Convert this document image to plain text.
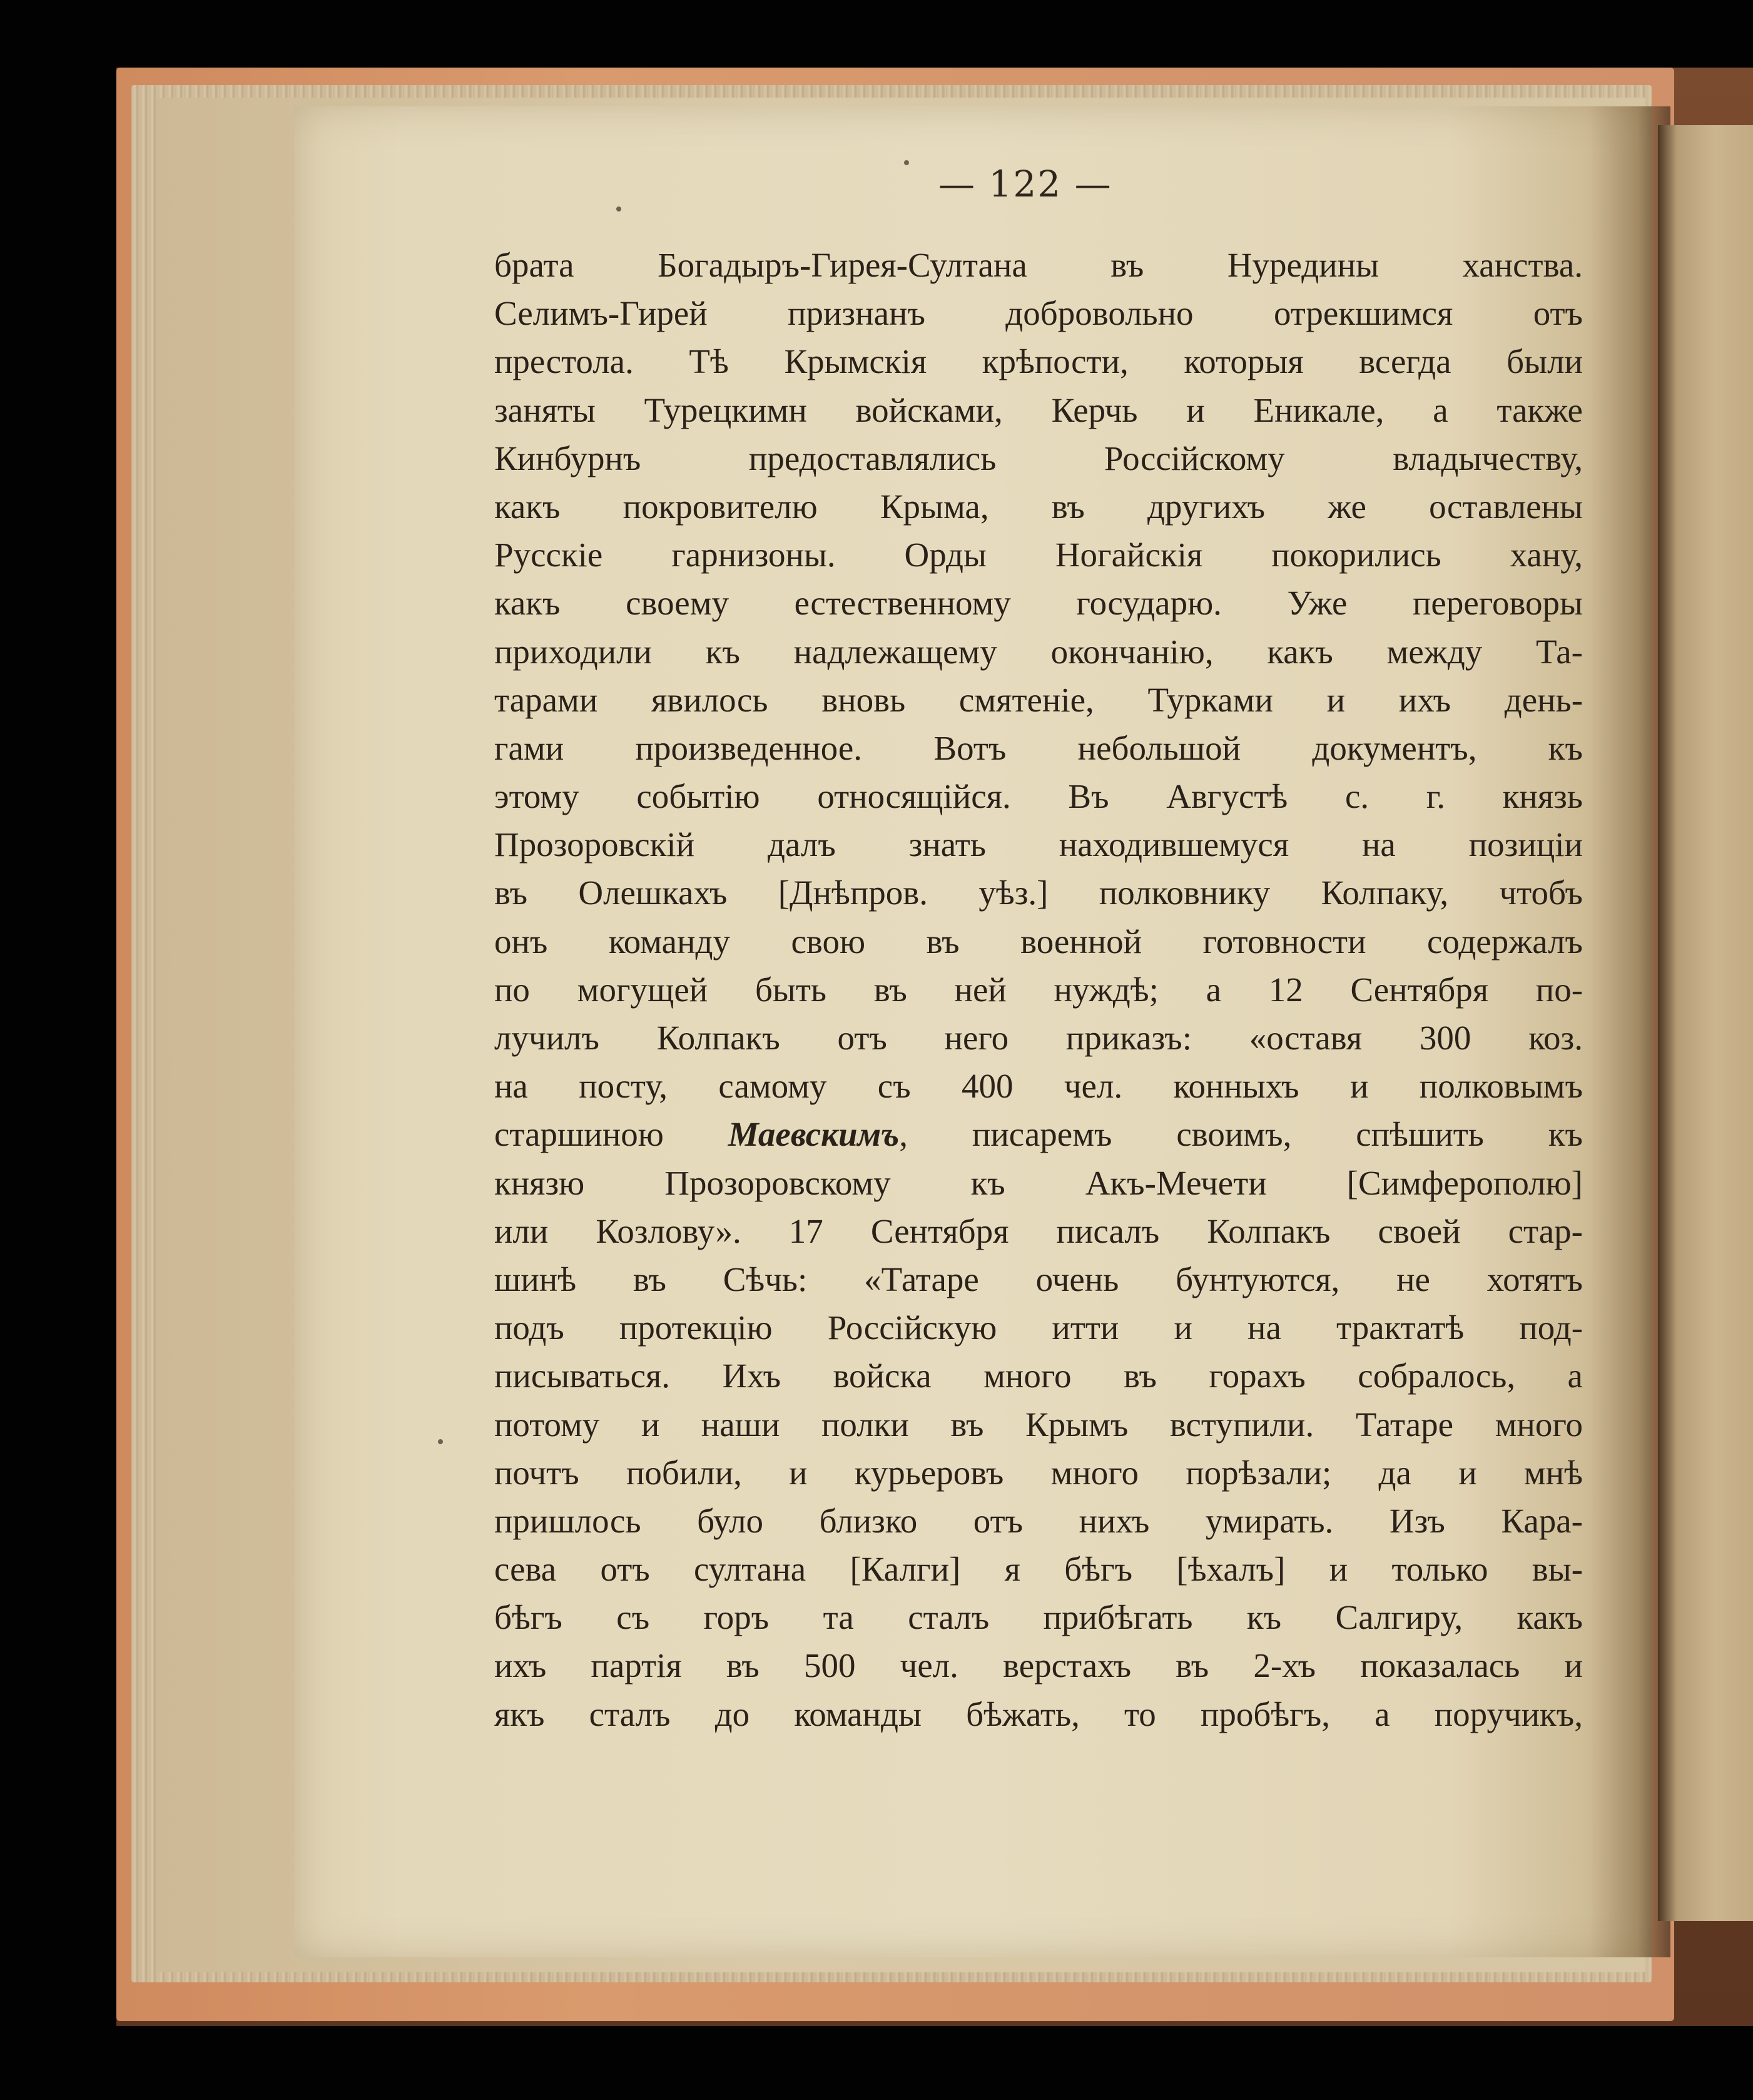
— 122 —

брата Богадыръ-Гирея-Султана въ Нуредины ханства.
Селимъ-Гирей признанъ добровольно отрекшимся отъ
престола. Тѣ Крымскія крѣпости, которыя всегда были
заняты Турецкимн войсками, Керчь и Еникале, а также
Кинбурнъ предоставлялись Россійскому владычеству,
какъ покровителю Крыма, въ другихъ же оставлены
Русскіе гарнизоны. Орды Ногайскія покорились хану,
какъ своему естественному государю. Уже переговоры
приходили къ надлежащему окончанію, какъ между Та-
тарами явилось вновь смятеніе, Турками и ихъ день-
гами произведенное. Вотъ небольшой документъ, къ
этому событію относящійся. Въ Августѣ с. г. князь
Прозоровскій далъ знать находившемуся на позиціи
въ Олешкахъ [Днѣпров. уѣз.] полковнику Колпаку, чтобъ
онъ команду свою въ военной готовности содержалъ
по могущей быть въ ней нуждѣ; а 12 Сентября по-
лучилъ Колпакъ отъ него приказъ: «оставя 300 коз.
на посту, самому съ 400 чел. конныхъ и полковымъ
старшиною Маевскимъ, писаремъ своимъ, спѣшить къ
князю Прозоровскому къ Акъ-Мечети [Симферополю]
или Козлову». 17 Сентября писалъ Колпакъ своей стар-
шинѣ въ Сѣчь: «Татаре очень бунтуются, не хотятъ
подъ протекцію Россійскую итти и на трактатѣ под-
писываться. Ихъ войска много въ горахъ собралось, а
потому и наши полки въ Крымъ вступили. Татаре много
почтъ побили, и курьеровъ много порѣзали; да и мнѣ
пришлось було близко отъ нихъ умирать. Изъ Кара-
сева отъ султана [Калги] я бѣгъ [ѣхалъ] и только вы-
бѣгъ съ горъ та сталъ прибѣгать къ Салгиру, какъ
ихъ партія въ 500 чел. верстахъ въ 2-хъ показалась и
якъ сталъ до команды бѣжать, то пробѣгъ, а поручикъ,
